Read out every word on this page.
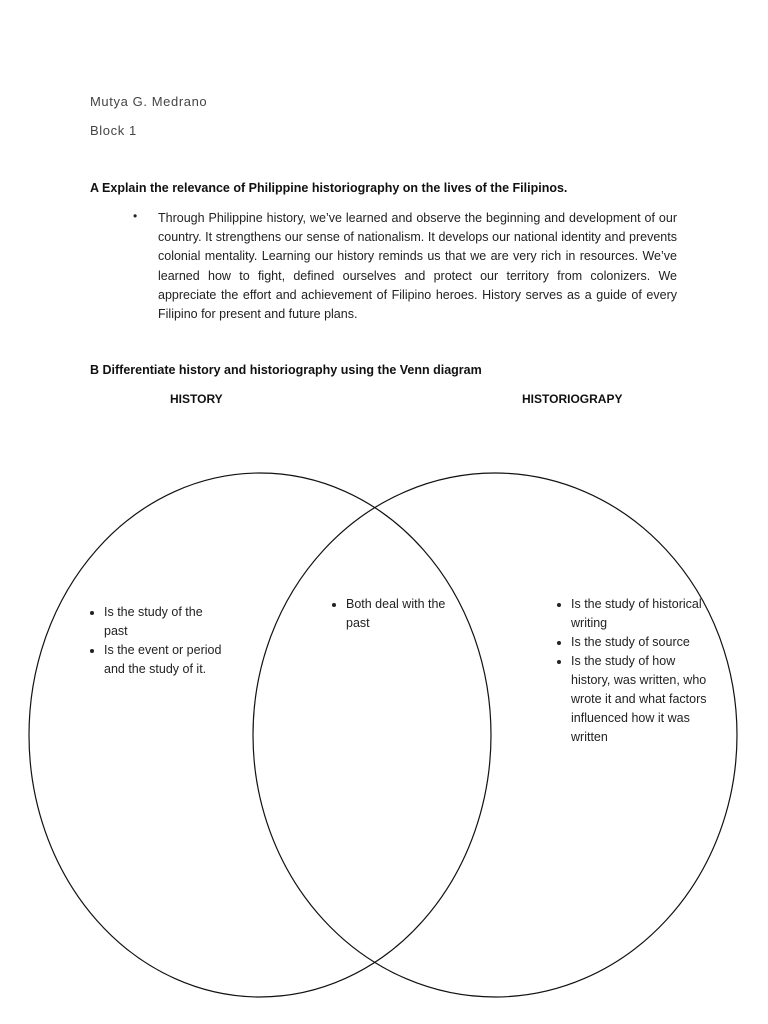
Mutya G. Medrano
Block 1
A Explain the relevance of Philippine historiography on the lives of the Filipinos.
• Through Philippine history, we’ve learned and observe the beginning and development of our country. It strengthens our sense of nationalism. It develops our national identity and prevents colonial mentality. Learning our history reminds us that we are very rich in resources. We’ve learned how to fight, defined ourselves and protect our territory from colonizers. We appreciate the effort and achievement of Filipino heroes. History serves as a guide of every Filipino for present and future plans.
B Differentiate history and historiography using the Venn diagram
HISTORY	HISTORIOGRAPY
• Is the study of the past
• Is the event or period and the study of it.
• Both deal with the past
• Is the study of historical writing
• Is the study of source
• Is the study of how history, was written, who wrote it and what factors influenced how it was written
